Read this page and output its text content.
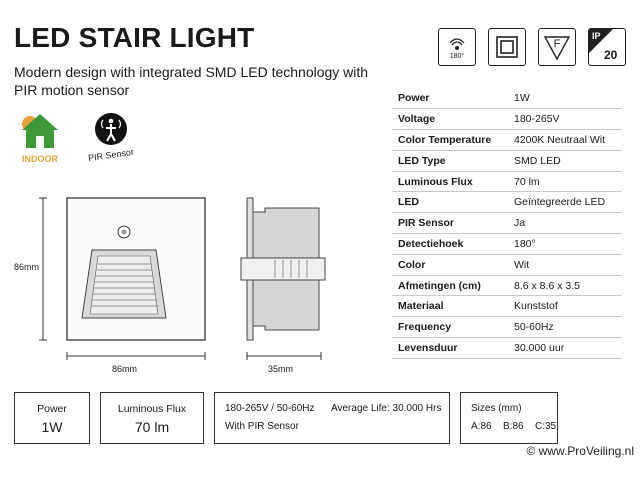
LED STAIR LIGHT
Modern design with integrated SMD LED technology with PIR motion sensor
180°
F
IP
20
INDOOR	PIR Sensor
86mm
86mm	35mm
Power	1W
Voltage	180-265V
Color Temperature	4200K Neutraal Wit
LED Type	SMD LED
Luminous Flux	70 lm
LED	Geïntegreerde LED
PIR Sensor	Ja
Detectiehoek	180°
Color	Wit
Afmetingen (cm)	8.6 x 8.6 x 3.5
Materiaal	Kunststof
Frequency	50-60Hz
Levensduur	30.000 uur
Power
1W
Luminous Flux
70 lm
180-265V / 50-60Hz Average Life: 30.000 Hrs
With PIR Sensor
Sizes (mm)
A:86 B:86 C:35
© www.ProVeiling.nl
